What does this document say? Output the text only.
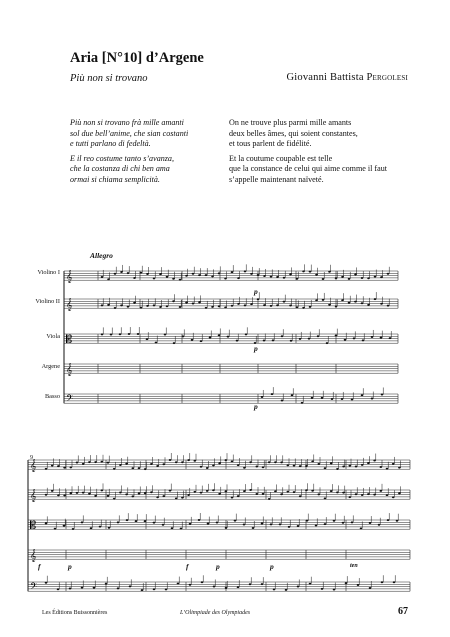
Aria [N°10] d’Argene
Più non si trovano	Giovanni Battista Pergolesi
Più non si trovano frà mille amanti
sol due bell’anime, che sian costanti
e tutti parlano di fedeltà.
E il reo costume tanto s’avanza,
che la costanza di chi ben ama
ormai si chiama semplicità.
On ne trouve plus parmi mille amants
deux belles âmes, qui soient constantes,
et tous parlent de fidélité.
Et la coutume coupable est telle
que la constance de celui qui aime comme il faut
s’appelle maintenant naïveté.
𝄞
𝄞
𝄡
𝄞
𝄢
𝄞
𝄞
𝄡
𝄞
𝄢
Allegro
Violino I
Violino II
Viola
Argene
Basso
9
p
p
p
f	p	f	p	p	ten
Les Éditions Buissonnières	L’Olimpiade des Olympiades	67
